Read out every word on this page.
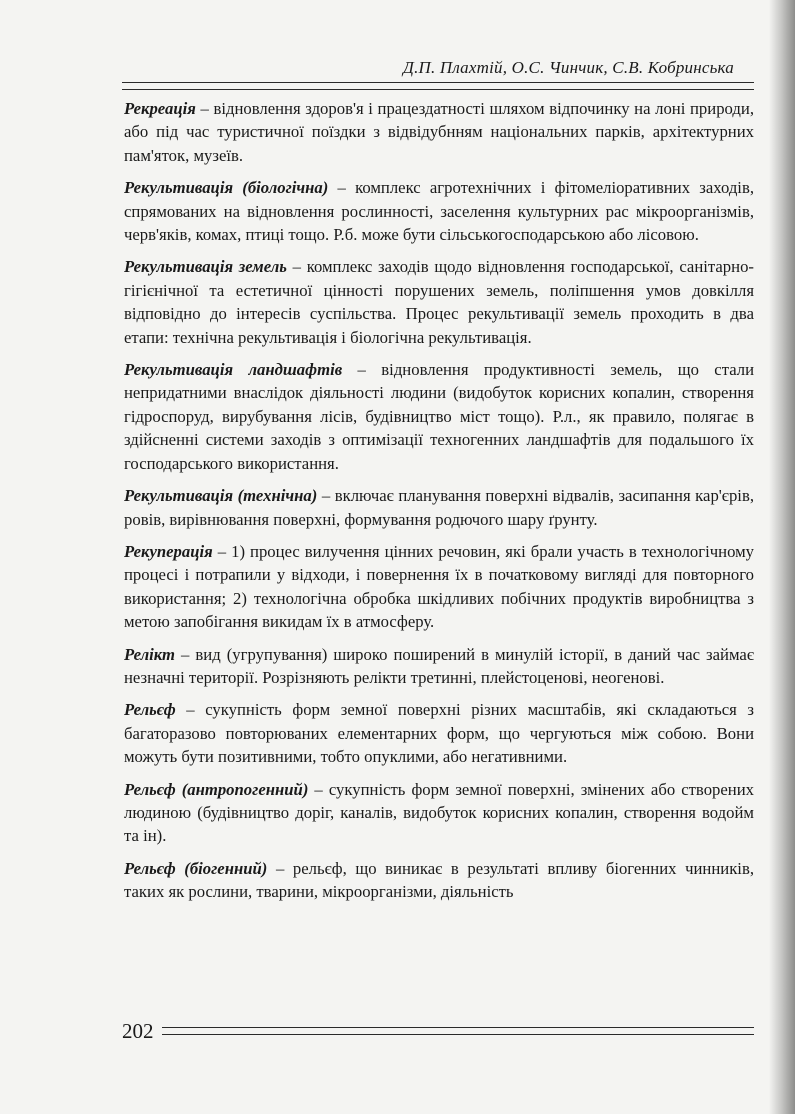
Д.П. Плахтій, О.С. Чинчик, С.В. Кобринська

Рекреація – відновлення здоров'я і працездатності шляхом відпочинку на лоні природи, або під час туристичної поїздки з відвідубнням національних парків, архітектурних пам'яток, музеїв.

Рекультивація (біологічна) – комплекс агротехнічних і фітомеліоративних заходів, спрямованих на відновлення рослинності, заселення культурних рас мікроорганізмів, черв'яків, комах, птиці тощо. Р.б. може бути сільськогосподарською або лісовою.

Рекультивація земель – комплекс заходів щодо відновлення господарської, санітарно-гігієнічної та естетичної цінності порушених земель, поліпшення умов довкілля відповідно до інтересів суспільства. Процес рекультивації земель проходить в два етапи: технічна рекультивація і біологічна рекультивація.

Рекультивація ландшафтів – відновлення продуктивності земель, що стали непридатними внаслідок діяльності людини (видобуток корисних копалин, створення гідроспоруд, вирубування лісів, будівництво міст тощо). Р.л., як правило, полягає в здійсненні системи заходів з оптимізації техногенних ландшафтів для подальшого їх господарського використання.

Рекультивація (технічна) – включає планування поверхні відвалів, засипання кар'єрів, ровів, вирівнювання поверхні, формування родючого шару ґрунту.

Рекуперація – 1) процес вилучення цінних речовин, які брали участь в технологічному процесі і потрапили у відходи, і повернення їх в початковому вигляді для повторного використання; 2) технологічна обробка шкідливих побічних продуктів виробництва з метою запобігання викидам їх в атмосферу.

Релікт – вид (угрупування) широко поширений в минулій історії, в даний час займає незначні території. Розрізняють релікти третинні, плейстоценові, неогенові.

Рельєф – сукупність форм земної поверхні різних масштабів, які складаються з багаторазово повторюваних елементарних форм, що чергуються між собою. Вони можуть бути позитивними, тобто опуклими, або негативними.

Рельєф (антропогенний) – сукупність форм земної поверхні, змінених або створених людиною (будівництво доріг, каналів, видобуток корисних копалин, створення водойм та ін).

Рельєф (біогенний) – рельєф, що виникає в результаті впливу біогенних чинників, таких як рослини, тварини, мікроорганізми, діяльність

202
